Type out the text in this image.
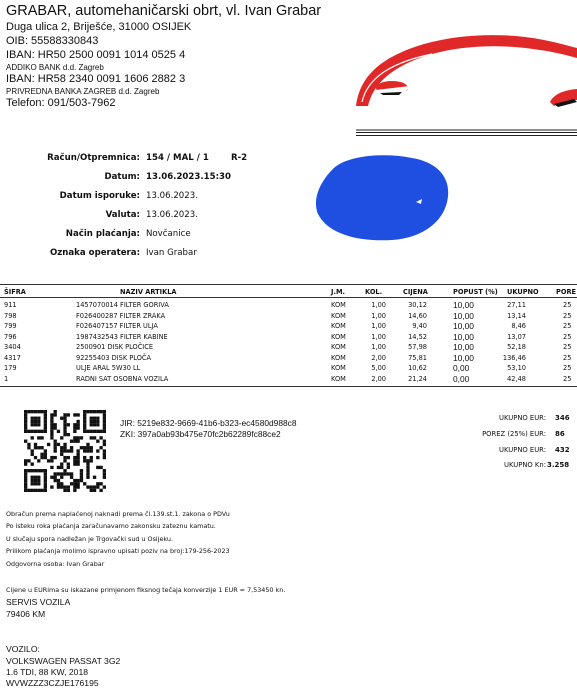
GRABAR, automehaničarski obrt, vl. Ivan Grabar
Duga ulica 2, Briješće, 31000 OSIJEK
OIB: 55588330843
IBAN: HR50 2500 0091 1014 0525 4
ADDIKO BANK d.d. Zagreb
IBAN: HR58 2340 0091 1606 2882 3
PRIVREDNA BANKA ZAGREB d.d. Zagreb
Telefon: 091/503-7962
Račun/Otpremnica: 154 / MAL / 1	R-2
Datum: 13.06.2023.15:30
Datum isporuke: 13.06.2023.
Valuta: 13.06.2023.
Način plaćanja: Novčanice
Oznaka operatera: Ivan Grabar
ŠIFRA	NAZIV ARTIKLA	J.M.	KOL.	CIJENA	POPUST (%) UKUPNO	PORE
911	1457070014 FILTER GORIVA	KOM	1,00	30,12	10,00	27,11	25
798	F026400287 FILTER ZRAKA	KOM	1,00	14,60	10,00	13,14	25
799	F026407157 FILTER ULJA	KOM	1,00	9,40	10,00	8,46	25
796	1987432543 FILTER KABINE	KOM	1,00	14,52	10,00	13,07	25
3404	2500901 DISK PLOČICE	KOM	1,00	57,98	10,00	52,18	25
4317	92255403 DISK PLOČA	KOM	2,00	75,81	10,00	136,46	25
179	ULJE ARAL 5W30 LL	KOM	5,00	10,62	0,00	53,10	25
1	RADNI SAT OSOBNA VOZILA	KOM	2,00	21,24	0,00	42,48	25
JIR: 5219e832-9669-41b6-b323-ec4580d988c8
ZKI: 397a0ab93b475e70fc2b62289fc88ce2
UKUPNO EUR: 346
POREZ (25%) EUR: 86
UKUPNO EUR: 432
UKUPNO Kn: 3.258
Obračun prema naplaćenoj naknadi prema čl.139.st.1. zakona o PDVu
Po isteku roka plaćanja zaračunavamo zakonsku zateznu kamatu.
U slučaju spora nadležan je Trgovački sud u Osijeku.
Prilikom plaćanja molimo ispravno upisati poziv na broj:179-256-2023
Odgovorna osoba: Ivan Grabar
Cijene u EURima su iskazane primjenom fiksnog tečaja konverzije 1 EUR = 7,53450 kn.
SERVIS VOZILA
79406 KM
VOZILO:
VOLKSWAGEN PASSAT 3G2
1.6 TDI, 88 KW, 2018
WVWZZZ3CZJE176195
